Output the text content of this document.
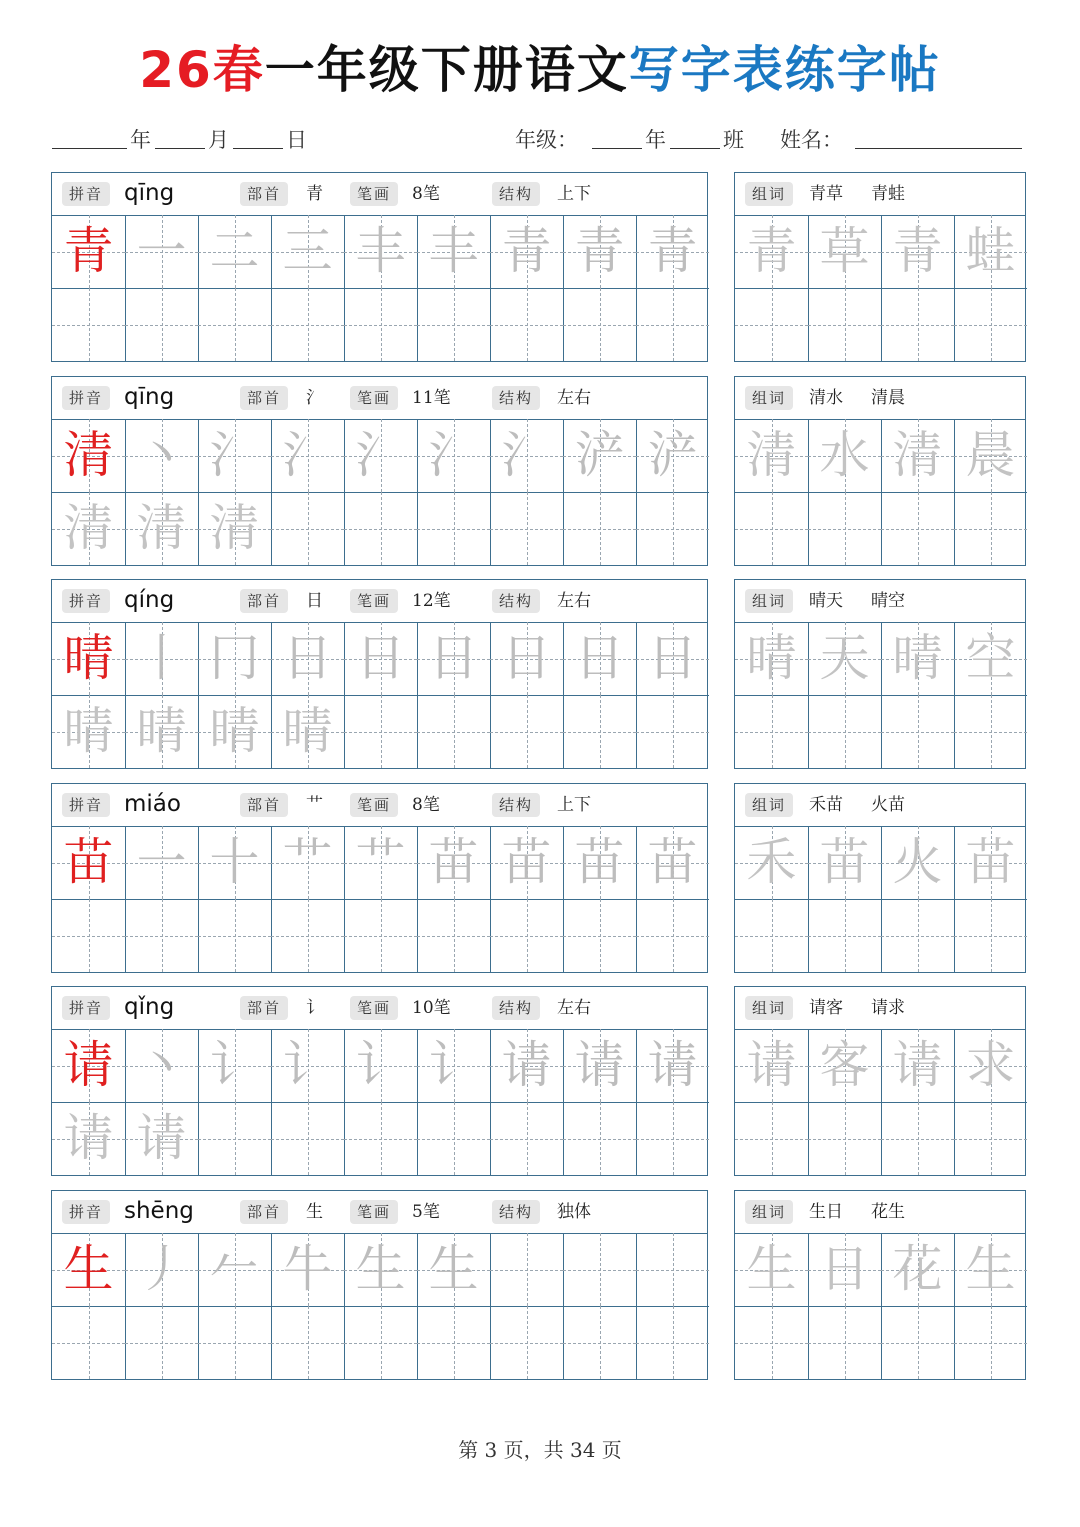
26春一年级下册语文写字表练字帖
年	月	日	年级：	年	班 姓名：
拼音 qīng	部首	青	笔画	8笔	结构	上下
青 一 二 三 丰 丰 青 青 青
组词	青草 青蛙
青 草 青 蛙
拼音 qīng	部首	氵	笔画	11笔	结构	左右
清 丶 氵 氵 氵 氵 氵 浐 浐
清 清 清
组词	清水 清晨
清 水 清 晨
拼音 qíng	部首	日	笔画	12笔	结构	左右
晴 丨 冂 日 日 日 日 日 日
晴 晴 晴 晴
组词	晴天 晴空
晴 天 晴 空
拼音 miáo	部首	艹	笔画	8笔	结构	上下
苗 一 十 艹 艹 苗 苗 苗 苗
组词	禾苗 火苗
禾 苗 火 苗
拼音 qǐng	部首	讠	笔画	10笔	结构	左右
请 丶 讠 讠 讠 讠 请 请 请
请 请
组词	请客 请求
请 客 请 求
拼音 shēng	部首	生	笔画	5笔	结构	独体
生 丿 𠂉 牛 生 生
组词	生日 花生
生 日 花 生
第 3 页，共 34 页
